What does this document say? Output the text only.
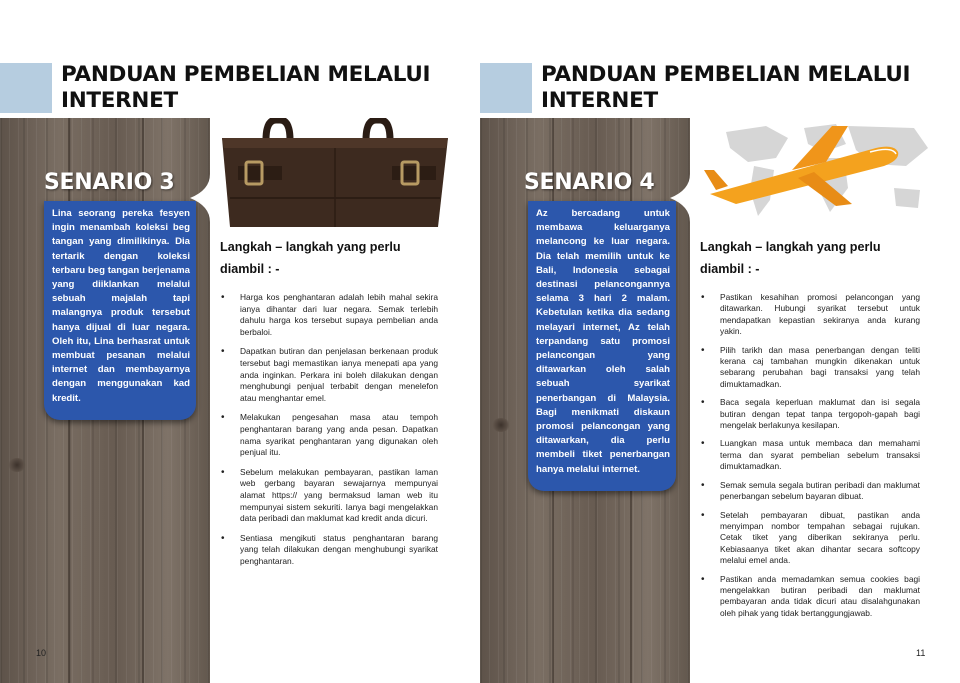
PANDUAN PEMBELIAN MELALUI
INTERNET
SENARIO 3

Lina seorang pereka fesyen ingin menambah koleksi beg tangan yang dimilikinya. Dia tertarik dengan koleksi terbaru beg tangan berjenama yang diiklankan melalui sebuah majalah tapi malangnya produk tersebut hanya dijual di luar negara. Oleh itu, Lina berhasrat untuk membuat pesanan melalui internet dan membayarnya dengan menggunakan kad kredit.

Langkah – langkah yang perlu
diambil : -
• Harga kos penghantaran adalah lebih mahal sekira ianya dihantar dari luar negara. Semak terlebih dahulu harga kos tersebut supaya pembelian anda berbaloi.
• Dapatkan butiran dan penjelasan berkenaan produk tersebut bagi memastikan ianya menepati apa yang anda inginkan. Perkara ini boleh dilakukan dengan menghubungi penjual terbabit dengan menelefon atau menghantar emel.
• Melakukan pengesahan masa atau tempoh penghantaran barang yang anda pesan. Dapatkan nama syarikat penghantaran yang digunakan oleh penjual itu.
• Sebelum melakukan pembayaran, pastikan laman web gerbang bayaran sewajarnya mempunyai alamat https:// yang bermaksud laman web itu mempunyai sistem sekuriti. Ianya bagi mengelakkan data peribadi dan maklumat kad kredit anda dicuri.
• Sentiasa mengikuti status penghantaran barang yang telah dilakukan dengan menghubungi syarikat penghantaran.

10

PANDUAN PEMBELIAN MELALUI
INTERNET
SENARIO 4

Az bercadang untuk membawa keluarganya melancong ke luar negara. Dia telah memilih untuk ke Bali, Indonesia sebagai destinasi pelancongannya selama 3 hari 2 malam. Kebetulan ketika dia sedang melayari internet, Az telah terpandang satu promosi pelancongan yang ditawarkan oleh salah sebuah syarikat penerbangan di Malaysia. Bagi menikmati diskaun promosi pelancongan yang ditawarkan, dia perlu membeli tiket penerbangan hanya melalui internet.

Langkah – langkah yang perlu
diambil : -
• Pastikan kesahihan promosi pelancongan yang ditawarkan. Hubungi syarikat tersebut untuk mendapatkan kepastian sekiranya anda kurang yakin.
• Pilih tarikh dan masa penerbangan dengan teliti kerana caj tambahan mungkin dikenakan untuk sebarang perubahan bagi transaksi yang telah dimuktamadkan.
• Baca segala keperluan maklumat dan isi segala butiran dengan tepat tanpa tergopoh-gapah bagi mengelak berlakunya kesilapan.
• Luangkan masa untuk membaca dan memahami terma dan syarat pembelian sebelum transaksi dimuktamadkan.
• Semak semula segala butiran peribadi dan maklumat penerbangan sebelum bayaran dibuat.
• Setelah pembayaran dibuat, pastikan anda menyimpan nombor tempahan sebagai rujukan. Cetak tiket yang diberikan sekiranya perlu. Kebiasaanya tiket akan dihantar secara softcopy melalui emel anda.
• Pastikan anda memadamkan semua cookies bagi mengelakkan butiran peribadi dan maklumat pembayaran anda tidak dicuri atau disalahgunakan oleh pihak yang tidak bertanggungjawab.

11
